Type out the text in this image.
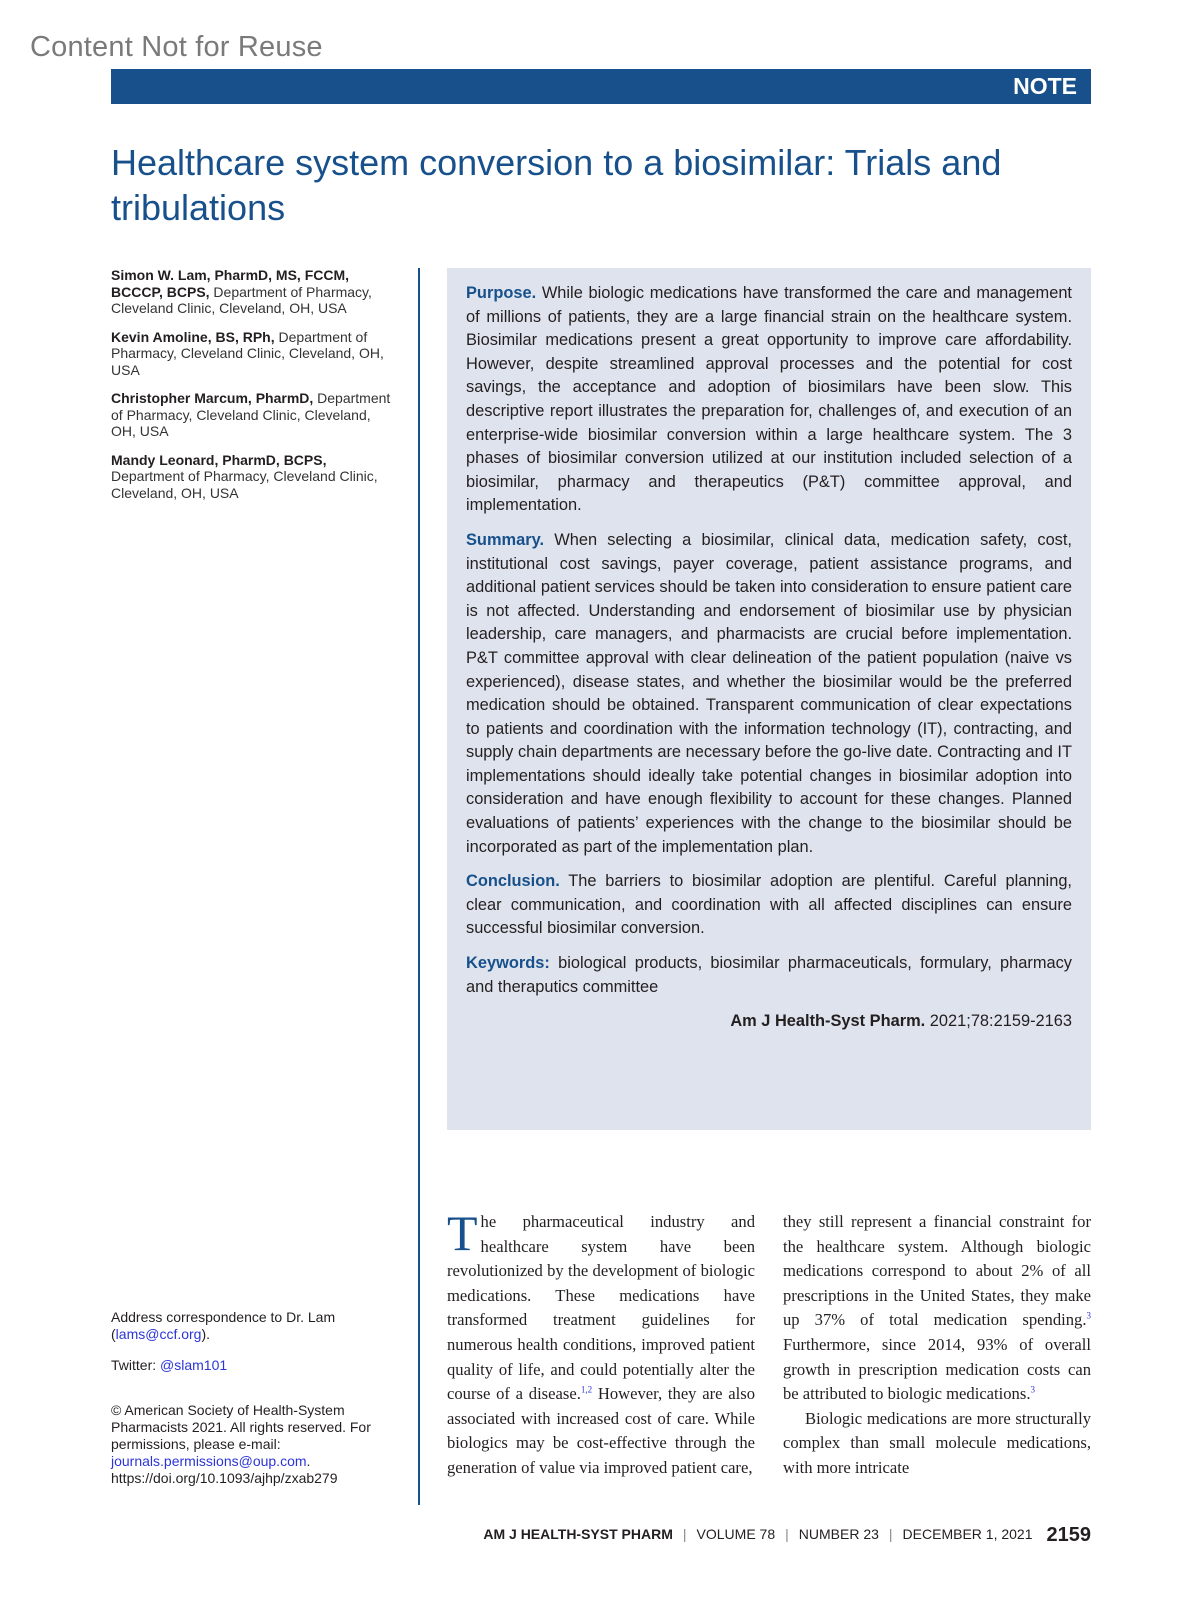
Content Not for Reuse
NOTE
Healthcare system conversion to a biosimilar: Trials and tribulations
Simon W. Lam, PharmD, MS, FCCM, BCCCP, BCPS, Department of Pharmacy, Cleveland Clinic, Cleveland, OH, USA
Kevin Amoline, BS, RPh, Department of Pharmacy, Cleveland Clinic, Cleveland, OH, USA
Christopher Marcum, PharmD, Department of Pharmacy, Cleveland Clinic, Cleveland, OH, USA
Mandy Leonard, PharmD, BCPS, Department of Pharmacy, Cleveland Clinic, Cleveland, OH, USA

Purpose. While biologic medications have transformed the care and management of millions of patients, they are a large financial strain on the healthcare system. Biosimilar medications present a great opportunity to improve care affordability. However, despite streamlined approval processes and the potential for cost savings, the acceptance and adoption of biosimilars have been slow. This descriptive report illustrates the preparation for, challenges of, and execution of an enterprise-wide biosimilar conversion within a large healthcare system. The 3 phases of biosimilar conversion utilized at our institution included selection of a biosimilar, pharmacy and therapeutics (P&T) committee approval, and implementation.

Summary. When selecting a biosimilar, clinical data, medication safety, cost, institutional cost savings, payer coverage, patient assistance programs, and additional patient services should be taken into consideration to ensure patient care is not affected. Understanding and endorsement of biosimilar use by physician leadership, care managers, and pharmacists are crucial before implementation. P&T committee approval with clear delineation of the patient population (naive vs experienced), disease states, and whether the biosimilar would be the preferred medication should be obtained. Transparent communication of clear expectations to patients and coordination with the information technology (IT), contracting, and supply chain departments are necessary before the go-live date. Contracting and IT implementations should ideally take potential changes in biosimilar adoption into consideration and have enough flexibility to account for these changes. Planned evaluations of patients’ experiences with the change to the biosimilar should be incorporated as part of the implementation plan.

Conclusion. The barriers to biosimilar adoption are plentiful. Careful planning, clear communication, and coordination with all affected disciplines can ensure successful biosimilar conversion.

Keywords: biological products, biosimilar pharmaceuticals, formulary, pharmacy and theraputics committee

Am J Health-Syst Pharm. 2021;78:2159-2163

Address correspondence to Dr. Lam (lams@ccf.org).

Twitter: @slam101

© American Society of Health-System Pharmacists 2021. All rights reserved. For permissions, please e-mail: journals.permissions@oup.com.
https://doi.org/10.1093/ajhp/zxab279

The pharmaceutical industry and healthcare system have been revolutionized by the development of biologic medications. These medications have transformed treatment guidelines for numerous health conditions, improved patient quality of life, and could potentially alter the course of a disease.$^{1,2}$ However, they are also associated with increased cost of care. While biologics may be cost-effective through the generation of value via improved patient care,
they still represent a financial constraint for the healthcare system. Although biologic medications correspond to about 2% of all prescriptions in the United States, they make up 37% of total medication spending.$^3$ Furthermore, since 2014, 93% of overall growth in prescription medication costs can be attributed to biologic medications.$^3$
Biologic medications are more structurally complex than small molecule medications, with more intricate
AM J HEALTH-SYST PHARM | VOLUME 78 | NUMBER 23 | DECEMBER 1, 2021 2159
